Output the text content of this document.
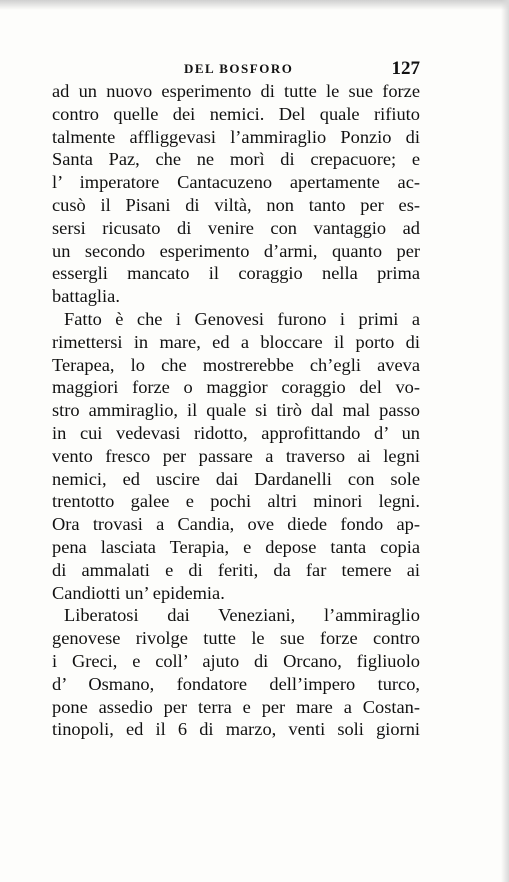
DEL BOSFORO	127
ad un nuovo esperimento di tutte le sue forze
contro quelle dei nemici. Del quale rifiuto
talmente affliggevasi l’ammiraglio Ponzio di
Santa Paz, che ne morì di crepacuore; e
l’ imperatore Cantacuzeno apertamente ac-
cusò il Pisani di viltà, non tanto per es-
sersi ricusato di venire con vantaggio ad
un secondo esperimento d’armi, quanto per
essergli mancato il coraggio nella prima
battaglia.
Fatto è che i Genovesi furono i primi a
rimettersi in mare, ed a bloccare il porto di
Terapea, lo che mostrerebbe ch’egli aveva
maggiori forze o maggior coraggio del vo-
stro ammiraglio, il quale si tirò dal mal passo
in cui vedevasi ridotto, approfittando d’ un
vento fresco per passare a traverso ai legni
nemici, ed uscire dai Dardanelli con sole
trentotto galee e pochi altri minori legni.
Ora trovasi a Candia, ove diede fondo ap-
pena lasciata Terapia, e depose tanta copia
di ammalati e di feriti, da far temere ai
Candiotti un’ epidemia.
Liberatosi dai Veneziani, l’ammiraglio
genovese rivolge tutte le sue forze contro
i Greci, e coll’ ajuto di Orcano, figliuolo
d’ Osmano, fondatore dell’impero turco,
pone assedio per terra e per mare a Costan-
tinopoli, ed il 6 di marzo, venti soli giorni
